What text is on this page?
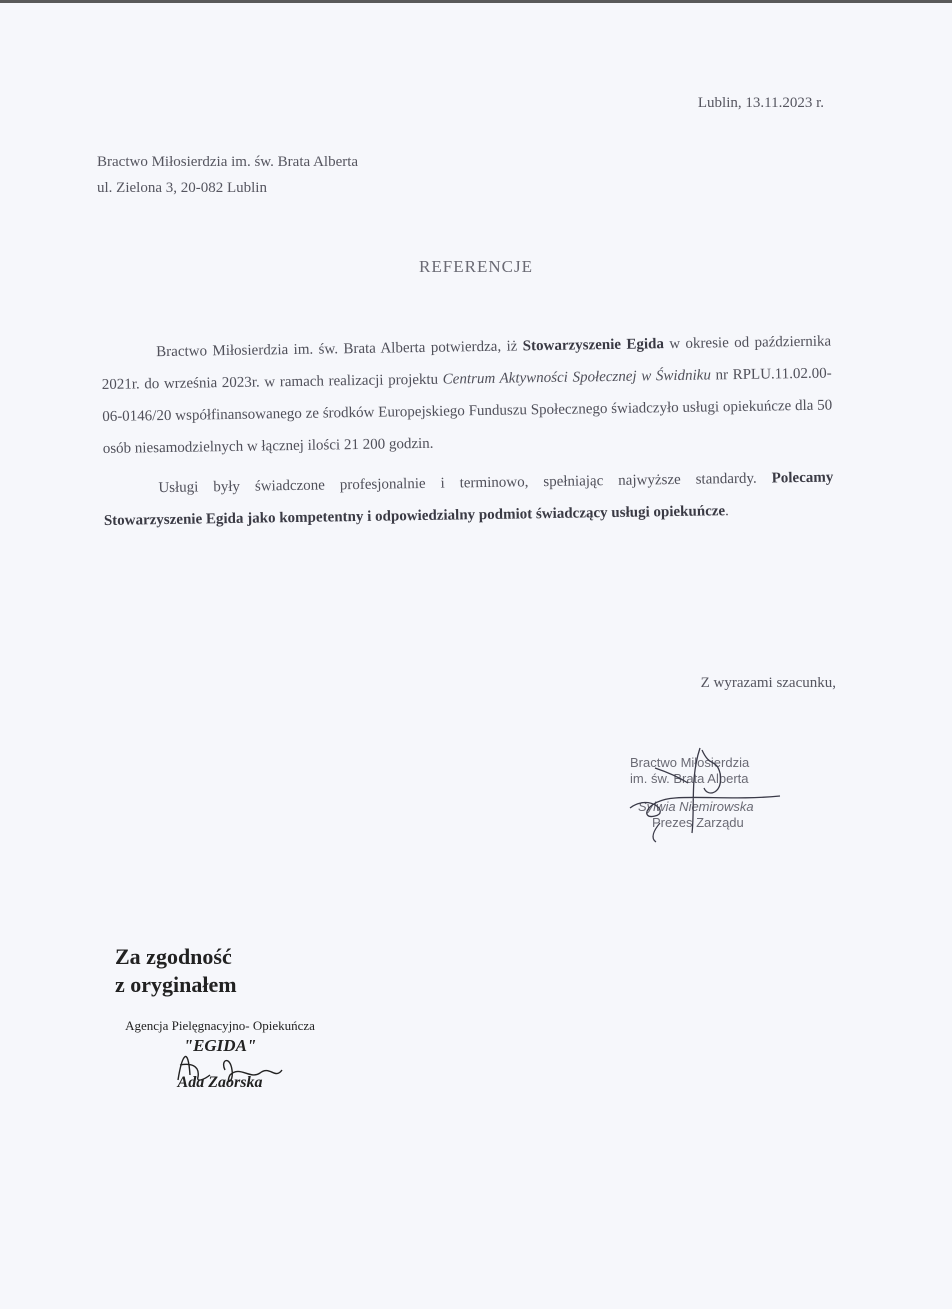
Lublin, 13.11.2023 r.
Bractwo Miłosierdzia im. św. Brata Alberta
ul. Zielona 3, 20-082 Lublin
REFERENCJE

Bractwo Miłosierdzia im. św. Brata Alberta potwierdza, iż Stowarzyszenie Egida w okresie od października 2021r. do września 2023r. w ramach realizacji projektu Centrum Aktywności Społecznej w Świdniku nr RPLU.11.02.00-06-0146/20 współfinansowanego ze środków Europejskiego Funduszu Społecznego świadczyło usługi opiekuńcze dla 50 osób niesamodzielnych w łącznej ilości 21 200 godzin.

Usługi były świadczone profesjonalnie i terminowo, spełniając najwyższe standardy. Polecamy Stowarzyszenie Egida jako kompetentny i odpowiedzialny podmiot świadczący usługi opiekuńcze.

Z wyrazami szacunku,
Bractwo Miłosierdzia
im. św. Brata Alberta
Sylwia Niemirowska
Prezes Zarządu
Za zgodność
z oryginałem
Agencja Pielęgnacyjno- Opiekuńcza
"EGIDA"
Ada Zaorska
